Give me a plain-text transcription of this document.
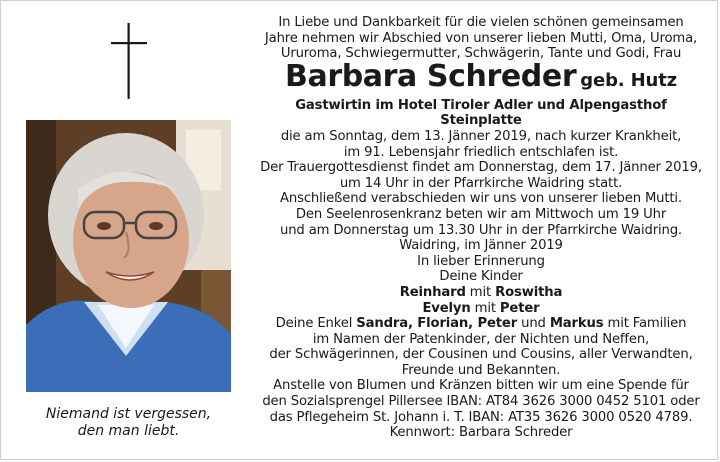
Niemand ist vergessen,
den man liebt.

In Liebe und Dankbarkeit für die vielen schönen gemeinsamen

Jahre nehmen wir Abschied von unserer lieben Mutti, Oma, Uroma,

Ururoma, Schwiegermutter, Schwägerin, Tante und Godi, Frau

Barbara Schreder geb. Hutz

Gastwirtin im Hotel Tiroler Adler und Alpengasthof Steinplatte

die am Sonntag, dem 13. Jänner 2019, nach kurzer Krankheit,

im 91. Lebensjahr friedlich entschlafen ist.

Der Trauergottesdienst findet am Donnerstag, dem 17. Jänner 2019,

um 14 Uhr in der Pfarrkirche Waidring statt.

Anschließend verabschieden wir uns von unserer lieben Mutti.

Den Seelenrosenkranz beten wir am Mittwoch um 19 Uhr

und am Donnerstag um 13.30 Uhr in der Pfarrkirche Waidring.

Waidring, im Jänner 2019

In lieber Erinnerung

Deine Kinder

Reinhard mit Roswitha

Evelyn mit Peter

Deine Enkel Sandra, Florian, Peter und Markus mit Familien

im Namen der Patenkinder, der Nichten und Neffen,

der Schwägerinnen, der Cousinen und Cousins, aller Verwandten,

Freunde und Bekannten.

Anstelle von Blumen und Kränzen bitten wir um eine Spende für

den Sozialsprengel Pillersee IBAN: AT84 3626 3000 0452 5101 oder

das Pflegeheim St. Johann i. T. IBAN: AT35 3626 3000 0520 4789.

Kennwort: Barbara Schreder
